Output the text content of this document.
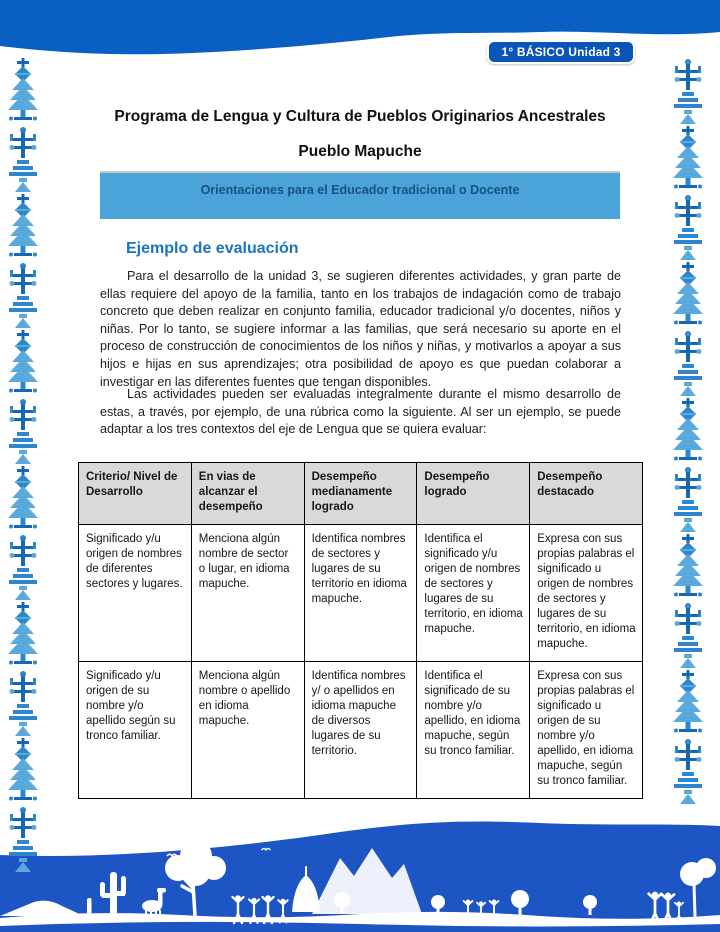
1° BÁSICO Unidad 3
Programa de Lengua y Cultura de Pueblos Originarios Ancestrales
Pueblo Mapuche
Orientaciones para el Educador tradicional o Docente
Ejemplo de evaluación

Para el desarrollo de la unidad 3, se sugieren diferentes actividades, y gran parte de ellas requiere del apoyo de la familia, tanto en los trabajos de indagación como de trabajo concreto que deben realizar en conjunto familia, educador tradicional y/o docentes, niños y niñas. Por lo tanto, se sugiere informar a las familias, que será necesario su aporte en el proceso de construcción de conocimientos de los niños y niñas, y motivarlos a apoyar a sus hijos e hijas en sus aprendizajes; otra posibilidad de apoyo es que puedan colaborar a investigar en las diferentes fuentes que tengan disponibles.

Las actividades pueden ser evaluadas integralmente durante el mismo desarrollo de estas, a través, por ejemplo, de una rúbrica como la siguiente. Al ser un ejemplo, se puede adaptar a los tres contextos del eje de Lengua que se quiera evaluar:

Criterio/ Nivel de Desarrollo	En vias de alcanzar el desempeño	Desempeño medianamente logrado	Desempeño logrado	Desempeño destacado
Significado y/u origen de nombres de diferentes sectores y lugares.	Menciona algún nombre de sector o lugar, en idioma mapuche.	Identifica nombres de sectores y lugares de su territorio en idioma mapuche.	Identifica el significado y/u origen de nombres de sectores y lugares de su territorio, en idioma mapuche.	Expresa con sus propias palabras el significado u origen de nombres de sectores y lugares de su territorio, en idioma mapuche.
Significado y/u origen de su nombre y/o apellido según su tronco familiar.	Menciona algún nombre o apellido en idioma mapuche.	Identifica nombres y/ o apellidos en idioma mapuche de diversos lugares de su territorio.	Identifica el significado de su nombre y/o apellido, en idioma mapuche, según su tronco familiar.	Expresa con sus propias palabras el significado u origen de su nombre y/o apellido, en idioma mapuche, según su tronco familiar.
